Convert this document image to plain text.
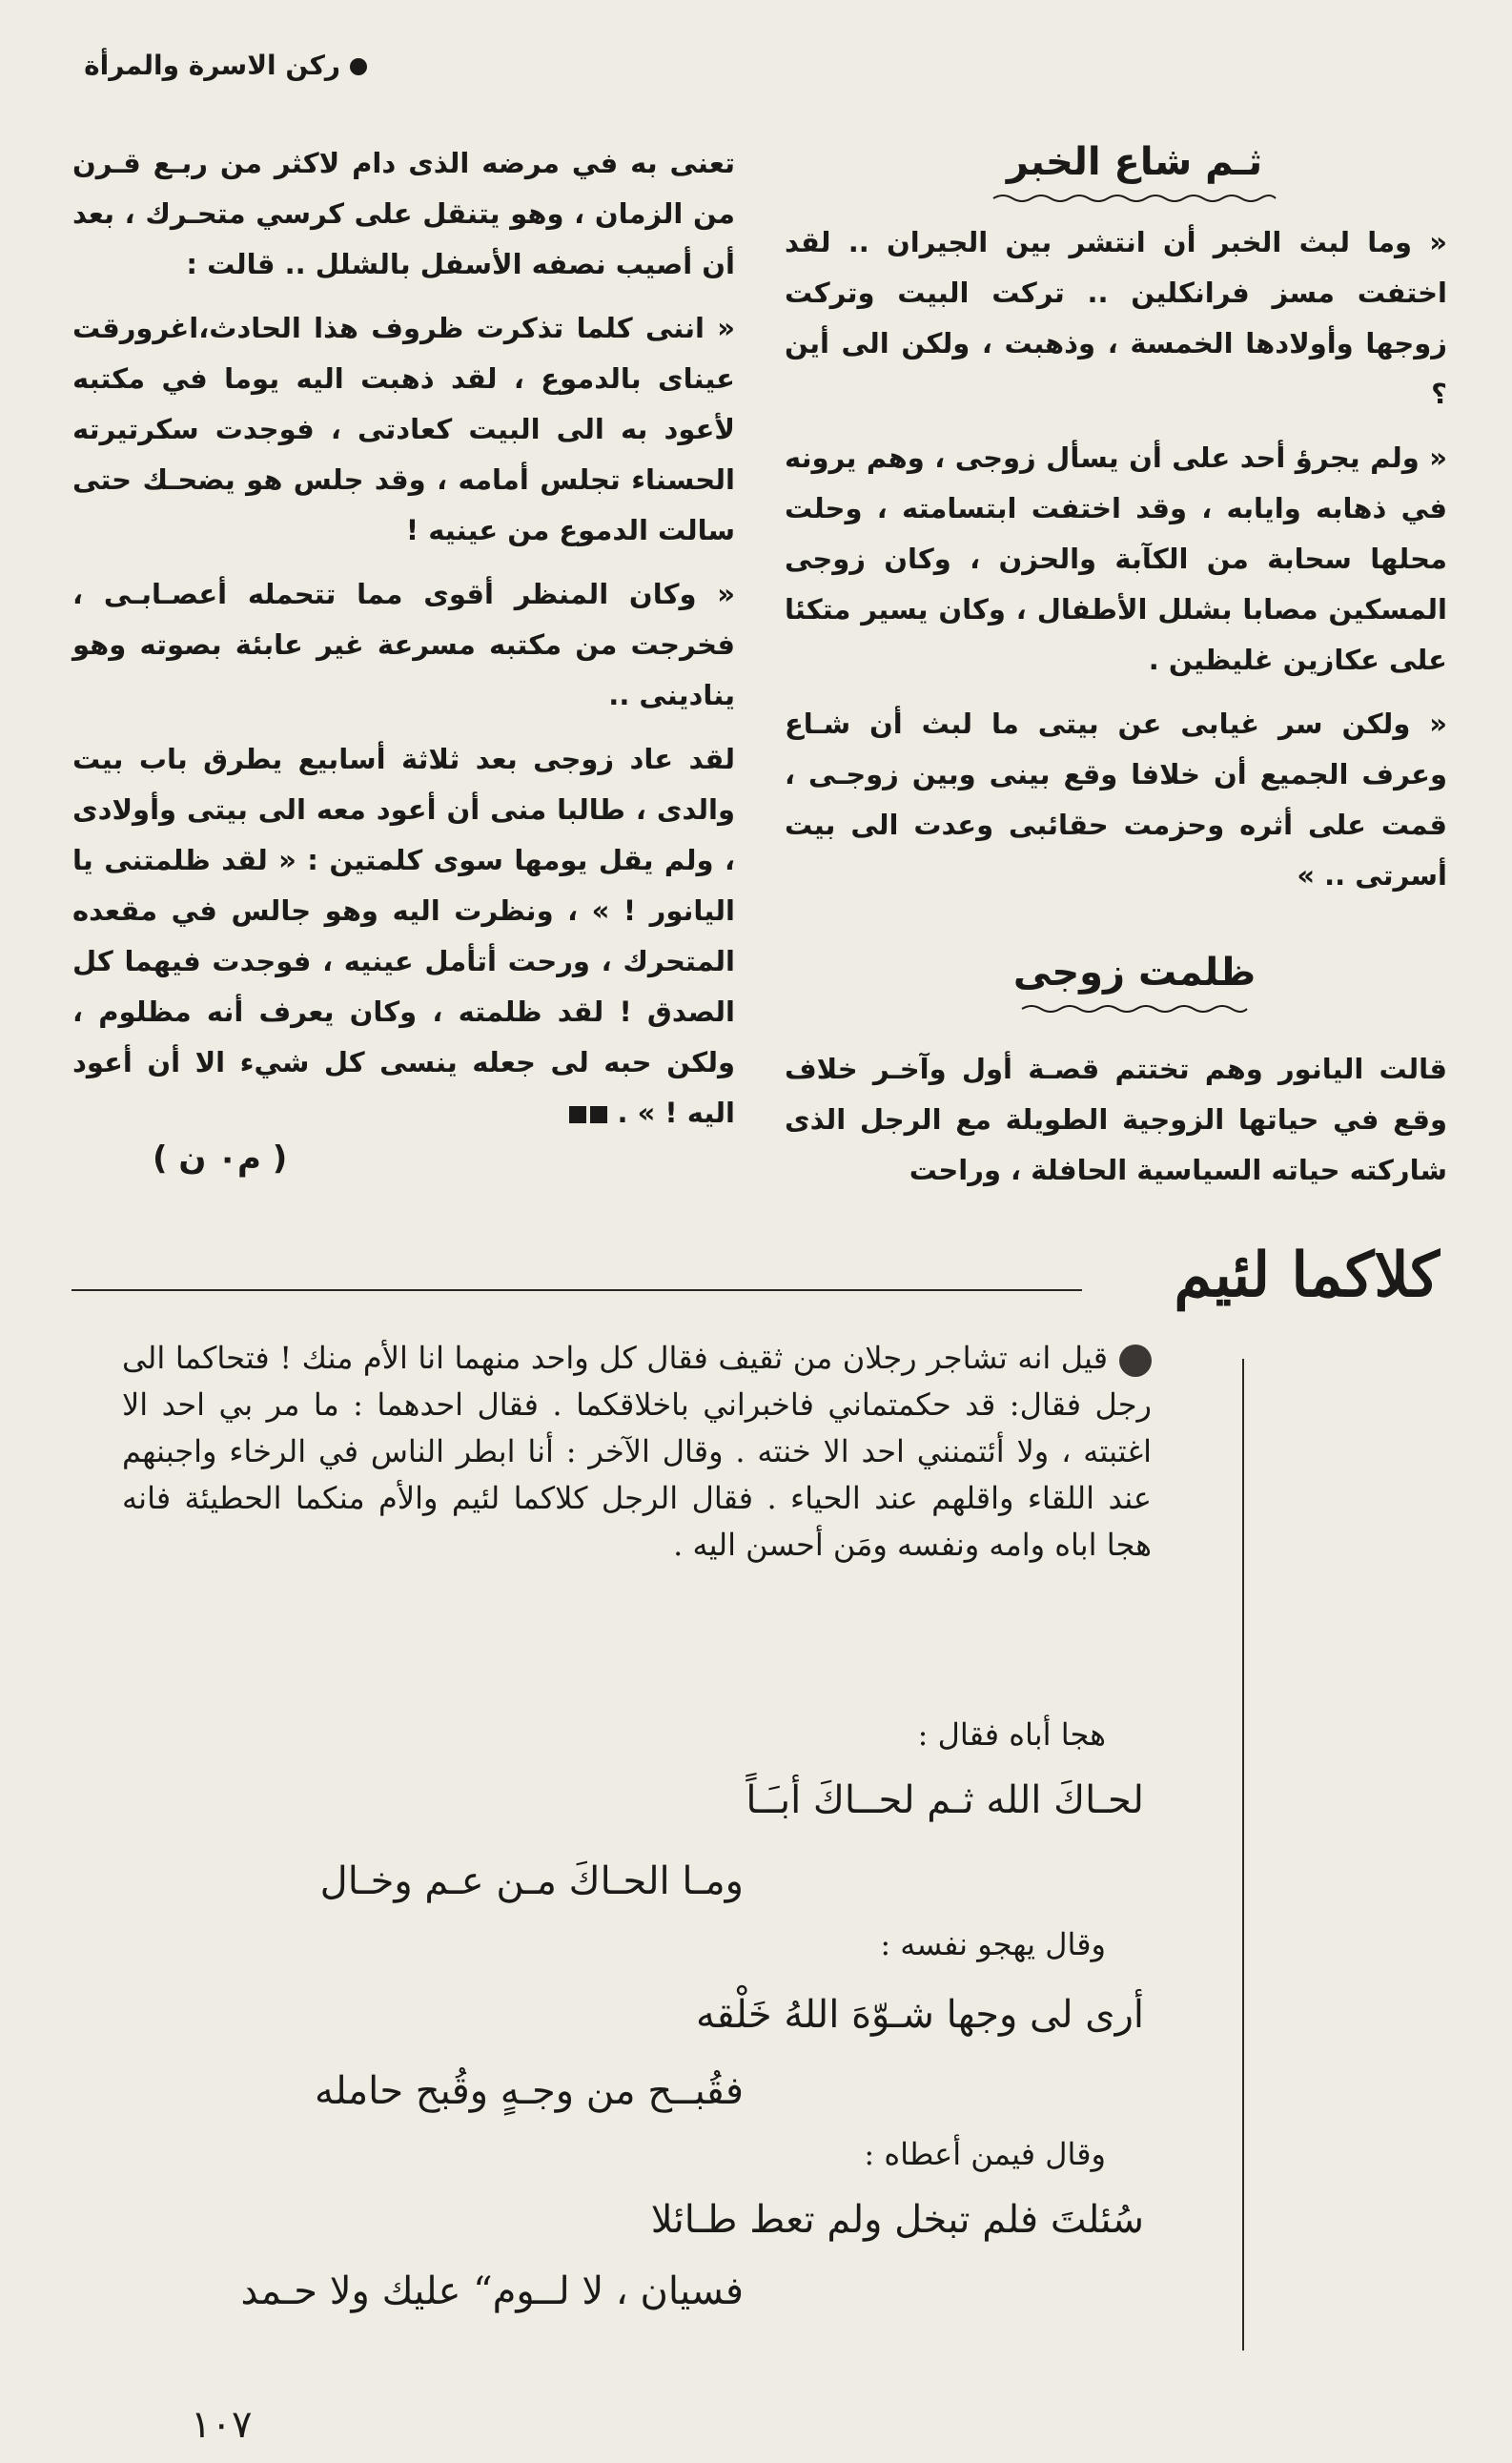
ركن الاسرة والمرأة
ثـم شاع الخبر

« وما لبث الخبر أن انتشر بين الجيران .. لقد اختفت مسز فرانكلين .. تركت البيت وتركت زوجها وأولادها الخمسة ، وذهبت ، ولكن الى أين ؟

« ولم يجرؤ أحد على أن يسأل زوجى ، وهم يرونه في ذهابه وايابه ، وقد اختفت ابتسامته ، وحلت محلها سحابة من الكآبة والحزن ، وكان زوجى المسكين مصابا بشلل الأطفال ، وكان يسير متكئا على عكازين غليظين .

« ولكن سر غيابى عن بيتى ما لبث أن شـاع وعرف الجميع أن خلافا وقع بينى وبين زوجـى ، قمت على أثره وحزمت حقائبى وعدت الى بيت أسرتى .. »

ظلمت زوجى

قالت اليانور وهم تختتم قصـة أول وآخـر خلاف وقع في حياتها الزوجية الطويلة مع الرجل الذى شاركته حياته السياسية الحافلة ، وراحت

تعنى به في مرضه الذى دام لاكثر من ربـع قـرن من الزمان ، وهو يتنقل على كرسي متحـرك ، بعد أن أصيب نصفه الأسفل بالشلل .. قالت :

« اننى كلما تذكرت ظروف هذا الحادث،اغرورقت عيناى بالدموع ، لقد ذهبت اليه يوما في مكتبه لأعود به الى البيت كعادتى ، فوجدت سكرتيرته الحسناء تجلس أمامه ، وقد جلس هو يضحـك حتى سالت الدموع من عينيه !

« وكان المنظر أقوى مما تتحمله أعصـابـى ، فخرجت من مكتبه مسرعة غير عابئة بصوته وهو ينادينى ..

لقد عاد زوجى بعد ثلاثة أسابيع يطرق باب بيت والدى ، طالبا منى أن أعود معه الى بيتى وأولادى ، ولم يقل يومها سوى كلمتين : « لقد ظلمتنى يا اليانور ! » ، ونظرت اليه وهو جالس في مقعده المتحرك ، ورحت أتأمل عينيه ، فوجدت فيهما كل الصدق ! لقد ظلمته ، وكان يعرف أنه مظلوم ، ولكن حبه لى جعله ينسى كل شيء الا أن أعود اليه ! » .

( م٠ ن )
كلاكما لئيم

قيل انه تشاجر رجلان من ثقيف فقال كل واحد منهما انا الأم منك ! فتحاكما الى رجل فقال: قد حكمتماني فاخبراني باخلاقكما . فقال احدهما : ما مر بي احد الا اغتبته ، ولا أئتمنني احد الا خنته . وقال الآخر : أنا ابطر الناس في الرخاء واجبنهم عند اللقاء واقلهم عند الحياء . فقال الرجل كلاكما لئيم والأم منكما الحطيئة فانه هجا اباه وامه ونفسه ومَن أحسن اليه .

هجا أباه فقال :
لحـاكَ الله ثـم لحــاكَ أبـَـاً
ومـا الحـاكَ مـن عـم وخـال
وقال يهجو نفسه :
أرى لى وجها شـوّهَ اللهُ خَلْقه
فقُبــح من وجـهٍ وقُبح حامله
وقال فيمن أعطاه :
سُئلتَ فلم تبخل ولم تعط طـائلا
فسيان ، لا لــوم“ عليك ولا حـمد
١٠٧
